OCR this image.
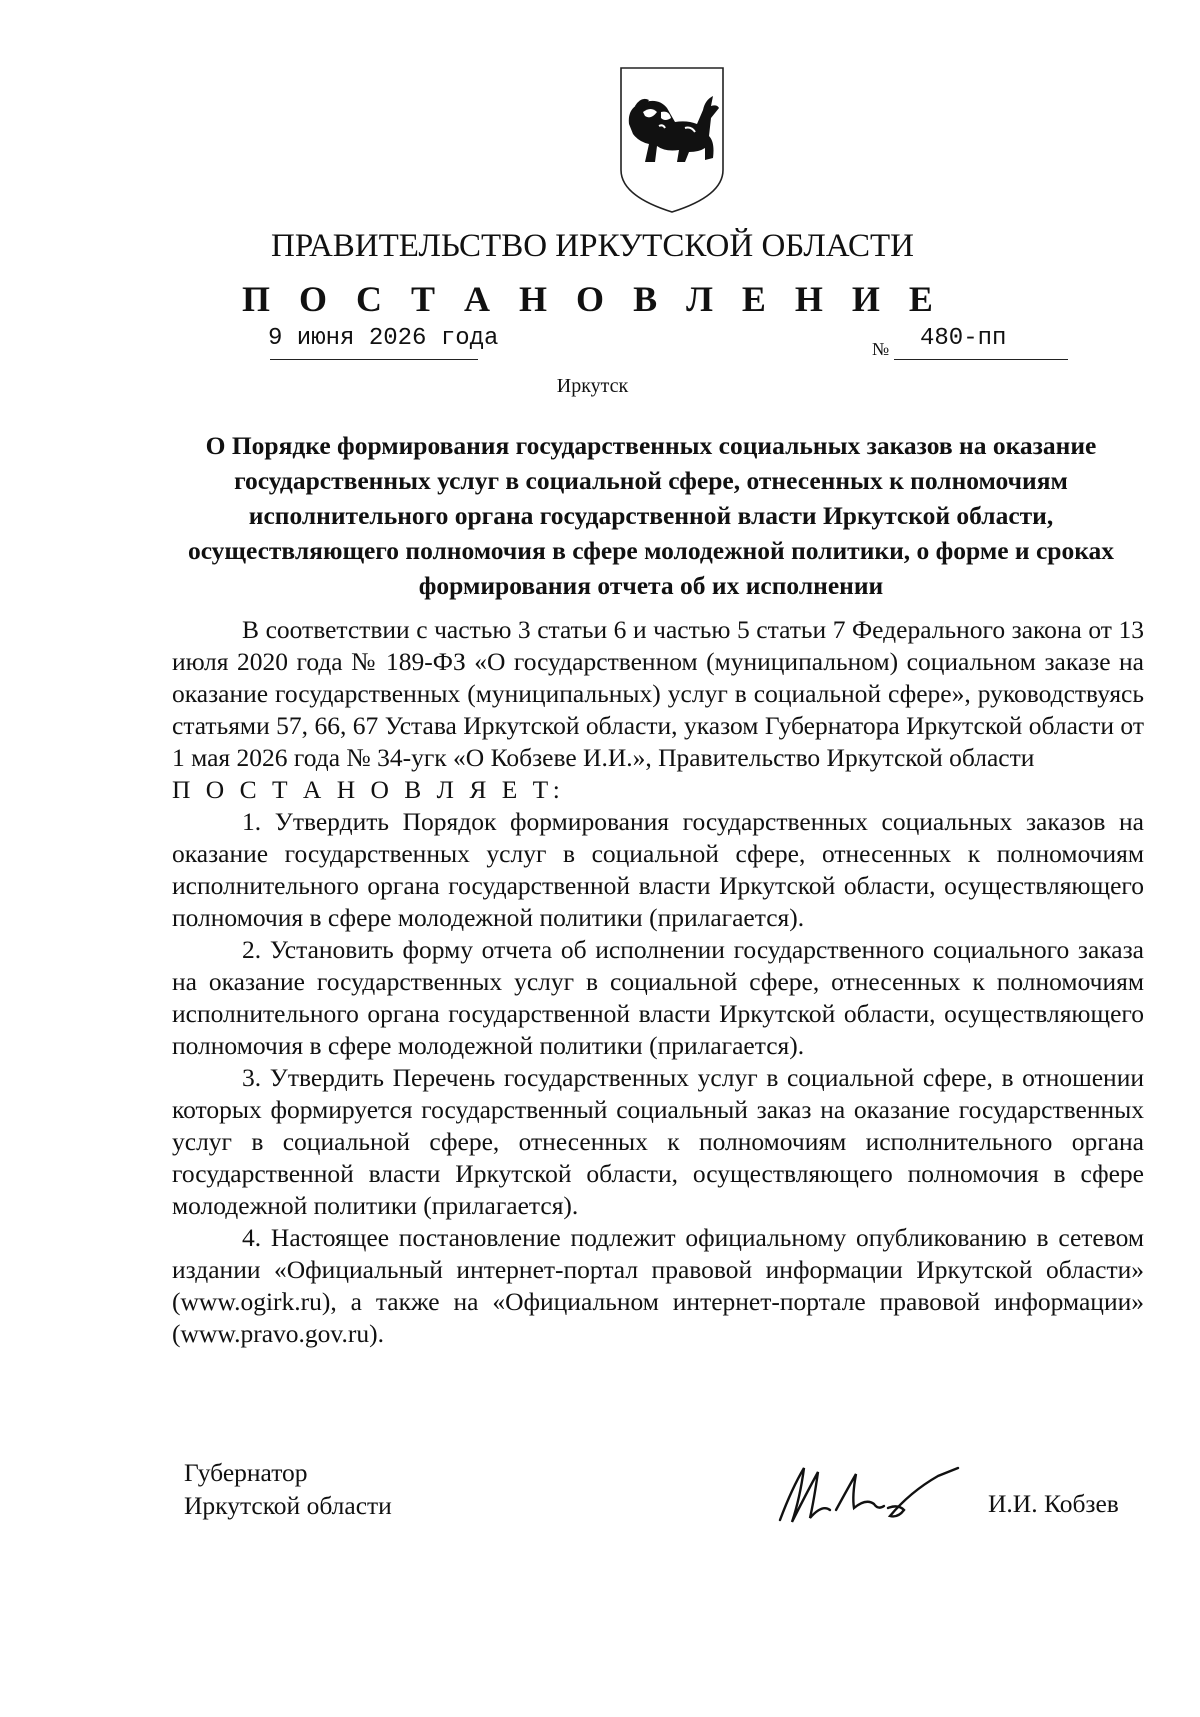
ПРАВИТЕЛЬСТВО ИРКУТСКОЙ ОБЛАСТИ
П О С Т А Н О В Л Е Н И Е
9 июня 2026 года	№ 480-пп
Иркутск
О Порядке формирования государственных социальных заказов на оказание государственных услуг в социальной сфере, отнесенных к полномочиям исполнительного органа государственной власти Иркутской области, осуществляющего полномочия в сфере молодежной политики, о форме и сроках формирования отчета об их исполнении

В соответствии с частью 3 статьи 6 и частью 5 статьи 7 Федерального закона от 13 июля 2020 года № 189-ФЗ «О государственном (муниципальном) социальном заказе на оказание государственных (муниципальных) услуг в социальной сфере», руководствуясь статьями 57, 66, 67 Устава Иркутской области, указом Губернатора Иркутской области от 1 мая 2026 года № 34-угк «О Кобзеве И.И.», Правительство Иркутской области

П О С Т А Н О В Л Я Е Т:

1. Утвердить Порядок формирования государственных социальных заказов на оказание государственных услуг в социальной сфере, отнесенных к полномочиям исполнительного органа государственной власти Иркутской области, осуществляющего полномочия в сфере молодежной политики (прилагается).

2. Установить форму отчета об исполнении государственного социального заказа на оказание государственных услуг в социальной сфере, отнесенных к полномочиям исполнительного органа государственной власти Иркутской области, осуществляющего полномочия в сфере молодежной политики (прилагается).

3. Утвердить Перечень государственных услуг в социальной сфере, в отношении которых формируется государственный социальный заказ на оказание государственных услуг в социальной сфере, отнесенных к полномочиям исполнительного органа государственной власти Иркутской области, осуществляющего полномочия в сфере молодежной политики (прилагается).

4. Настоящее постановление подлежит официальному опубликованию в сетевом издании «Официальный интернет-портал правовой информации Иркутской области» (www.ogirk.ru), а также на «Официальном интернет-портале правовой информации» (www.pravo.gov.ru).

Губернатор
Иркутской области	И.И. Кобзев
